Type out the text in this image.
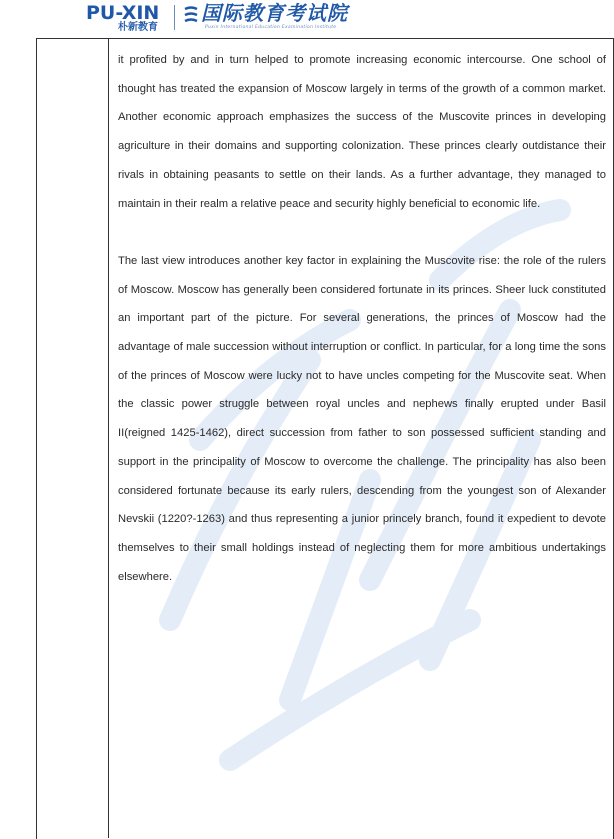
PU-XIN
朴新教育
国际教育考试院
Puxin International Education Examination Institute

it profited by and in turn helped to promote increasing economic intercourse. One school of thought has treated the expansion of Moscow largely in terms of the growth of a common market. Another economic approach emphasizes the success of the Muscovite princes in developing agriculture in their domains and supporting colonization. These princes clearly outdistance their rivals in obtaining peasants to settle on their lands. As a further advantage, they managed to maintain in their realm a relative peace and security highly beneficial to economic life.

The last view introduces another key factor in explaining the Muscovite rise: the role of the rulers of Moscow. Moscow has generally been considered fortunate in its princes. Sheer luck constituted an important part of the picture. For several generations, the princes of Moscow had the advantage of male succession without interruption or conflict. In particular, for a long time the sons of the princes of Moscow were lucky not to have uncles competing for the Muscovite seat. When the classic power struggle between royal uncles and nephews finally erupted under Basil II(reigned 1425-1462), direct succession from father to son possessed sufficient standing and support in the principality of Moscow to overcome the challenge. The principality has also been considered fortunate because its early rulers, descending from the youngest son of Alexander Nevskii (1220?-1263) and thus representing a junior princely branch, found it expedient to devote themselves to their small holdings instead of neglecting them for more ambitious undertakings elsewhere.
